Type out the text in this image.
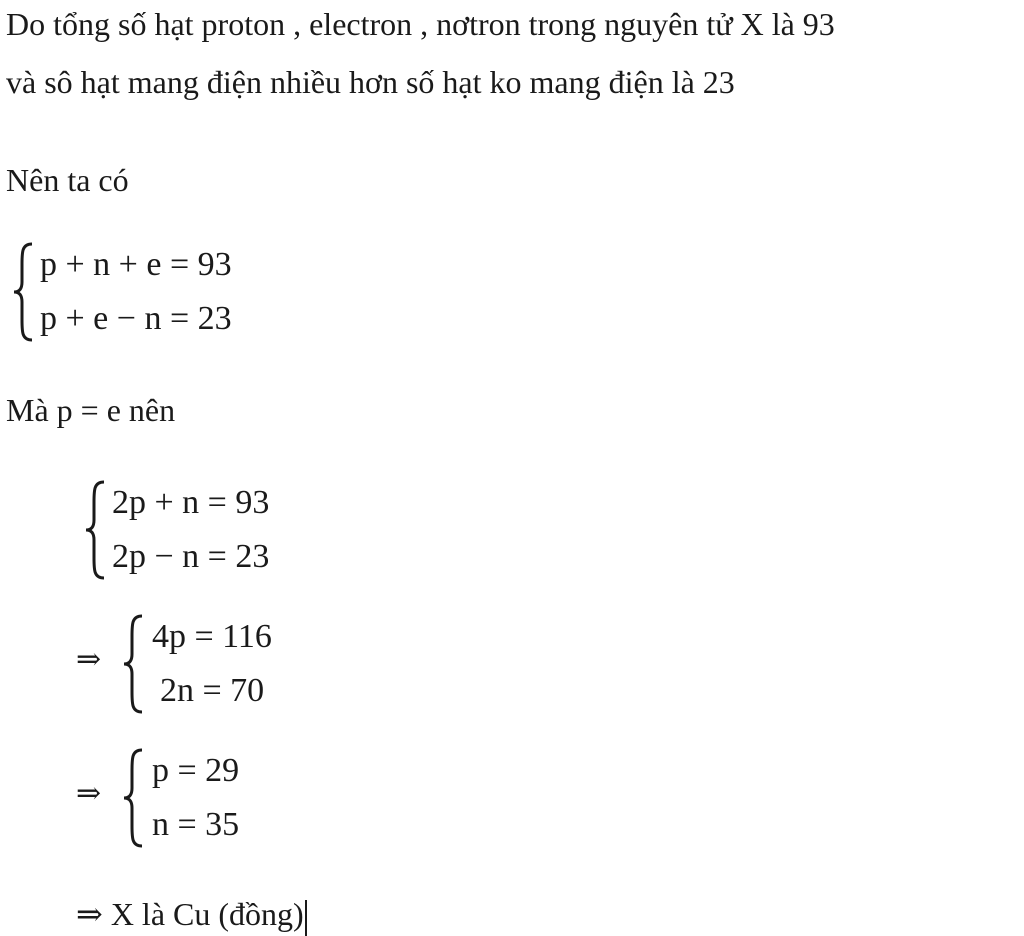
Do tổng số hạt proton , electron , nơtron trong nguyên tử X là 93
và sô hạt mang điện nhiều hơn số hạt ko mang điện là 23
Nên ta có
p + n + e = 93
p + e − n = 23
Mà p = e nên
2p + n = 93
2p − n = 23
⇒
4p = 116
2n = 70
⇒
p = 29
n = 35
⇒ X là Cu (đồng)
